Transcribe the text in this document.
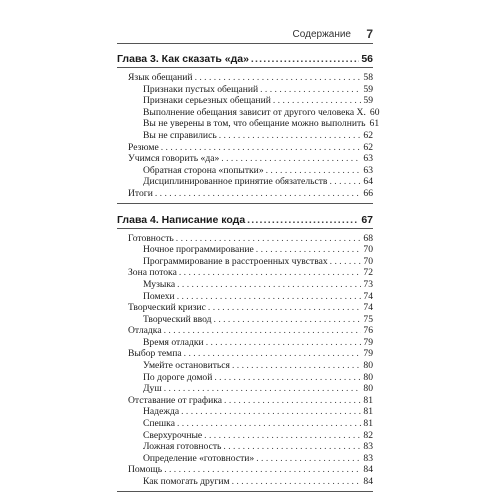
Содержание 7
Глава 3. Как сказать «да» .....	56
Язык обещаний . . .	58
Признаки пустых обещаний . . .	59
Признаки серьезных обещаний . . .	59
Выполнение обещания зависит от другого человека X. 60
Вы не уверены в том, что обещание можно выполнить 61
Вы не справились . . .	62
Резюме . . .	62
Учимся говорить «да» . . .	63
Обратная сторона «попытки» . . .	63
Дисциплинированное принятие обязательств . . .	64
Итоги . . .	66
Глава 4. Написание кода .....	67
Готовность . . .	68
Ночное программирование . . .	70
Программирование в расстроенных чувствах . . .	70
Зона потока . . .	72
Музыка . . .	73
Помехи . . .	74
Творческий кризис . . .	74
Творческий ввод . . .	75
Отладка . . .	76
Время отладки . . .	79
Выбор темпа . . .	79
Умейте остановиться . . .	80
По дороге домой . . .	80
Душ . . .	80
Отставание от графика . . .	81
Надежда . . .	81
Спешка . . .	81
Сверхурочные . . .	82
Ложная готовность . . .	83
Определение «готовности» . . .	83
Помощь . . .	84
Как помогать другим . . .	84
